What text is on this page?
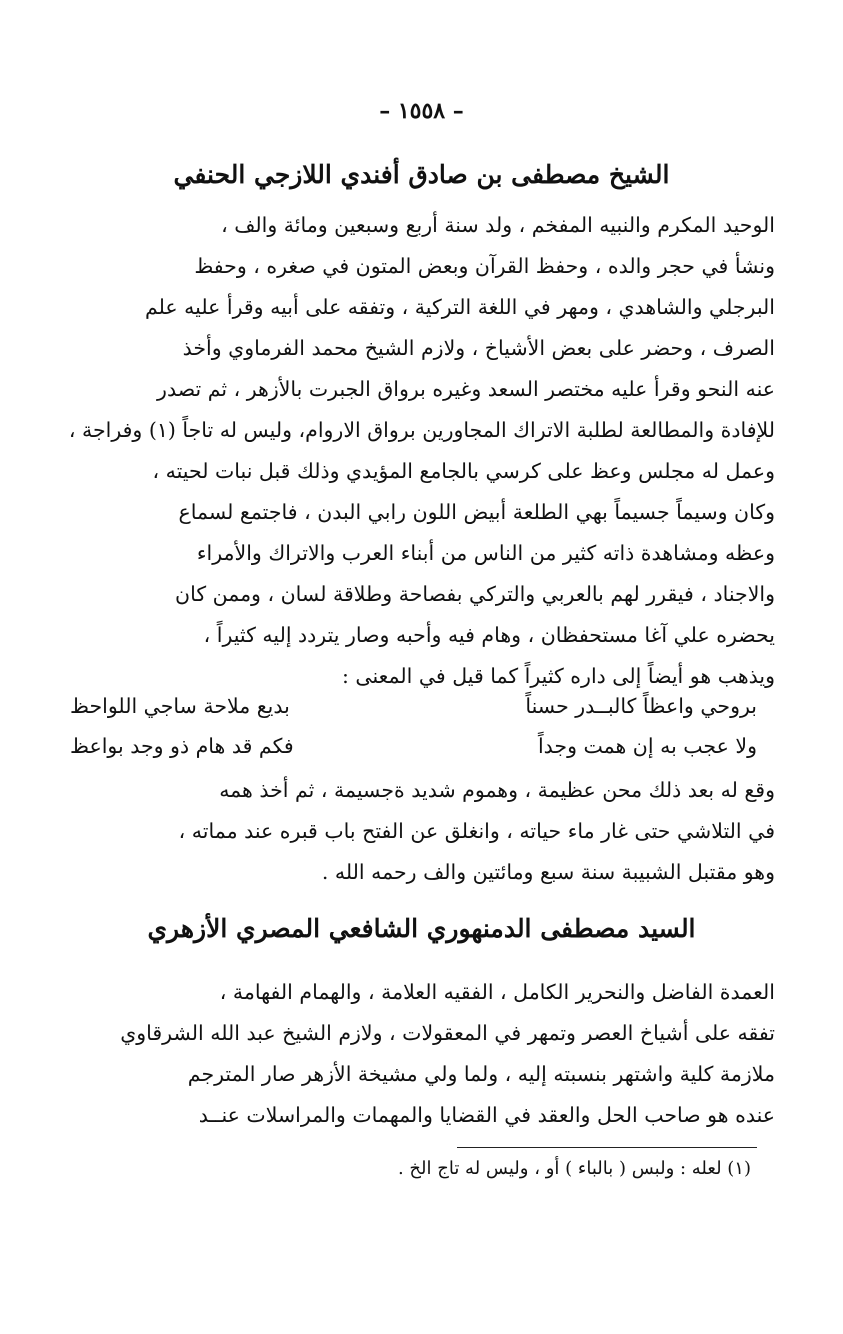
– ١٥٥٨ –
الشيخ مصطفى بن صادق أفندي اللازجي الحنفي
الوحيد المكرم والنبيه المفخم ، ولد سنة أربع وسبعين ومائة والف ،
ونشأ في حجر والده ، وحفظ القرآن وبعض المتون في صغره ، وحفظ
البرجلي والشاهدي ، ومهر في اللغة التركية ، وتفقه على أبيه وقرأ عليه علم
الصرف ، وحضر على بعض الأشياخ ، ولازم الشيخ محمد الفرماوي وأخذ
عنه النحو وقرأ عليه مختصر السعد وغيره برواق الجبرت بالأزهر ، ثم تصدر
للإفادة والمطالعة لطلبة الاتراك المجاورين برواق الاروام، وليس له تاجاً (١) وفراجة ،
وعمل له مجلس وعظ على كرسي بالجامع المؤيدي وذلك قبل نبات لحيته ،
وكان وسيماً جسيماً بهي الطلعة أبيض اللون رابي البدن ، فاجتمع لسماع
وعظه ومشاهدة ذاته كثير من الناس من أبناء العرب والاتراك والأمراء
والاجناد ، فيقرر لهم بالعربي والتركي بفصاحة وطلاقة لسان ، وممن كان
يحضره علي آغا مستحفظان ، وهام فيه وأحبه وصار يتردد إليه كثيراً ،
ويذهب هو أيضاً إلى داره كثيراً كما قيل في المعنى :
بروحي واعظاً كالبــدر حسناً
بديع ملاحة ساجي اللواحظ
ولا عجب به إن همت وجداً
فكم قد هام ذو وجد بواعظ
وقع له بعد ذلك محن عظيمة ، وهموم شديد ةجسيمة ، ثم أخذ همه
في التلاشي حتى غار ماء حياته ، وانغلق عن الفتح باب قبره عند مماته ،
وهو مقتبل الشبيبة سنة سبع ومائتين والف رحمه الله .
السيد مصطفى الدمنهوري الشافعي المصري الأزهري
العمدة الفاضل والنحرير الكامل ، الفقيه العلامة ، والهمام الفهامة ،
تفقه على أشياخ العصر وتمهر في المعقولات ، ولازم الشيخ عبد الله الشرقاوي
ملازمة كلية واشتهر بنسبته إليه ، ولما ولي مشيخة الأزهر صار المترجم
عنده هو صاحب الحل والعقد في القضايا والمهمات والمراسلات عنــد
(١) لعله : ولبس ( بالباء ) أو ، وليس له تاج الخ .
